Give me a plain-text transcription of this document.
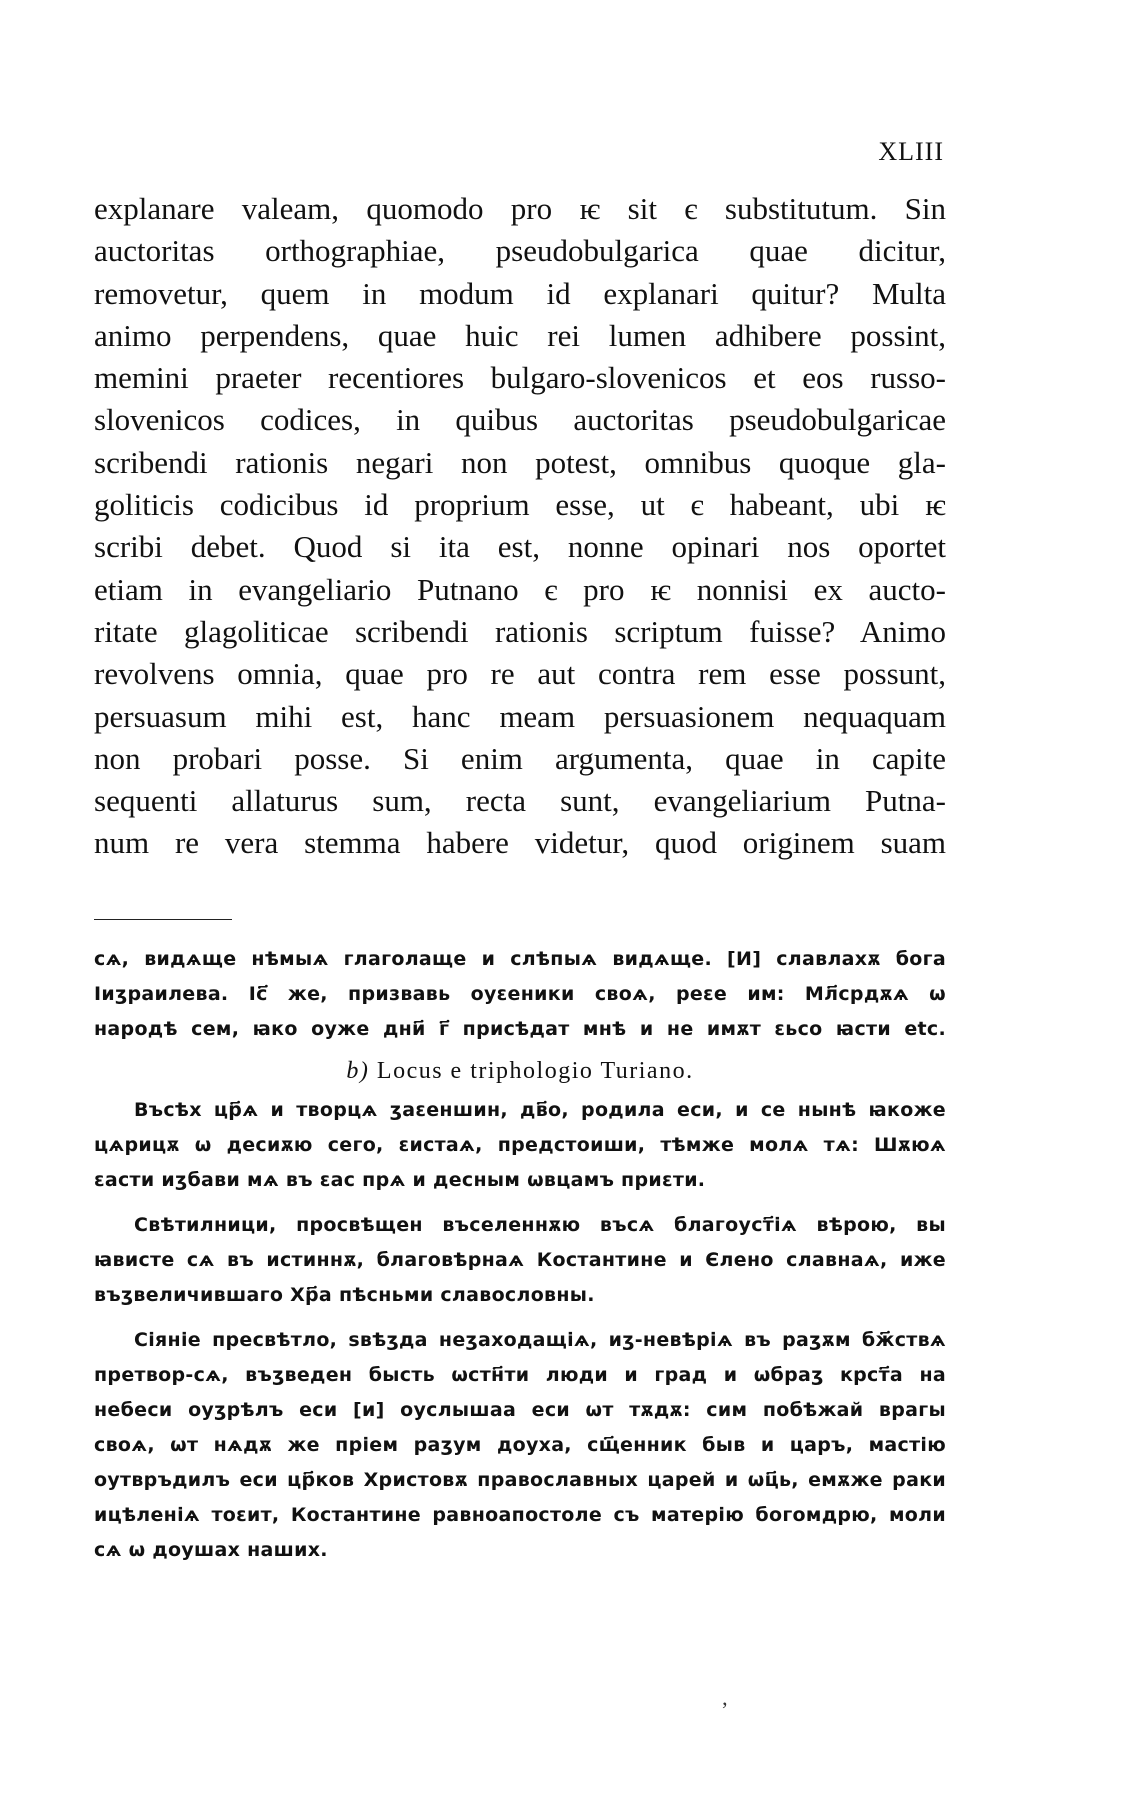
XLIII
explanare valeam, quomodo pro ѥ sit є substitutum. Sin
auctoritas orthographiae, pseudobulgarica quae dicitur,
removetur, quem in modum id explanari quitur? Multa
animo perpendens, quae huic rei lumen adhibere possint,
memini praeter recentiores bulgaro-slovenicos et eos russo-
slovenicos codices, in quibus auctoritas pseudobulgaricae
scribendi rationis negari non potest, omnibus quoque gla-
goliticis codicibus id proprium esse, ut є habeant, ubi ѥ
scribi debet. Quod si ita est, nonne opinari nos oportet
etiam in evangeliario Putnano є pro ѥ nonnisi ex aucto-
ritate glagoliticae scribendi rationis scriptum fuisse? Animo
revolvens omnia, quae pro re aut contra rem esse possunt,
persuasum mihi est, hanc meam persuasionem nequaquam
non probari posse. Si enim argumenta, quae in capite
sequenti allaturus sum, recta sunt, evangeliarium Putna-
num re vera stemma habere videtur, quod originem suam
сѧ, видѧще нѣмыѧ глаголаще и слѣпыѧ видѧще. [И] славлахѫ бога
Іиӡраилева. Іс҃ же, призвавь оуԑеники своѧ, реԑе им: Мл҃срдѫѧ ѡ
народѣ сем, ꙗко оуже дни҃ г҃ присѣдат мнѣ и не имѫт ԑьсо ꙗсти etc.
b) Locus e triphologio Turiano.
Въсѣх цр҃ѧ и творцѧ ӡаԑеншин, дв҃о, родила еси, и се нынѣ ꙗкоже
цѧрицѫ ѡ десиѫю сего, ԑистаѧ, предстоиши, тѣмже молѧ тѧ: Шѫюѧ
ԑасти иӡбави мѧ въ ԑас прѧ и десным ѡвцамъ приԑти.
Свѣтилници, просвѣщен въселеннѫю въсѧ благоуст҃іѧ вѣрою, вы
ꙗвисте сѧ въ истиннѫ, благовѣрнаѧ Костантине и Єлено славнаѧ, иже
въӡвеличившаго Хр҃а пѣсньми славословны.
Сіяніе пресвѣтло, ѕвѣӡда неӡаходащіѧ, иӡ-невѣріѧ въ раӡѫм бж҃ствѧ
претвор-сѧ, въӡведен бысть ѡстн҃ти люди и град и ѡбраӡ крст҃а на
небеси оуӡрѣлъ еси [и] оуслышаа еси ѡт тѫдѫ: сим побѣжай врагы
своѧ, ѡт нѧдѫ же пріем раӡум доуха, сщ҃енник быв и царъ, мастію
оутвръдилъ еси цр҃ков Христовѫ православных царей и ѡц҃ь, емѫже раки
ицѣленіѧ тоԑит, Костантине равноапостоле съ матерію богомдрю, моли
сѧ ѡ доушах наших.
’
